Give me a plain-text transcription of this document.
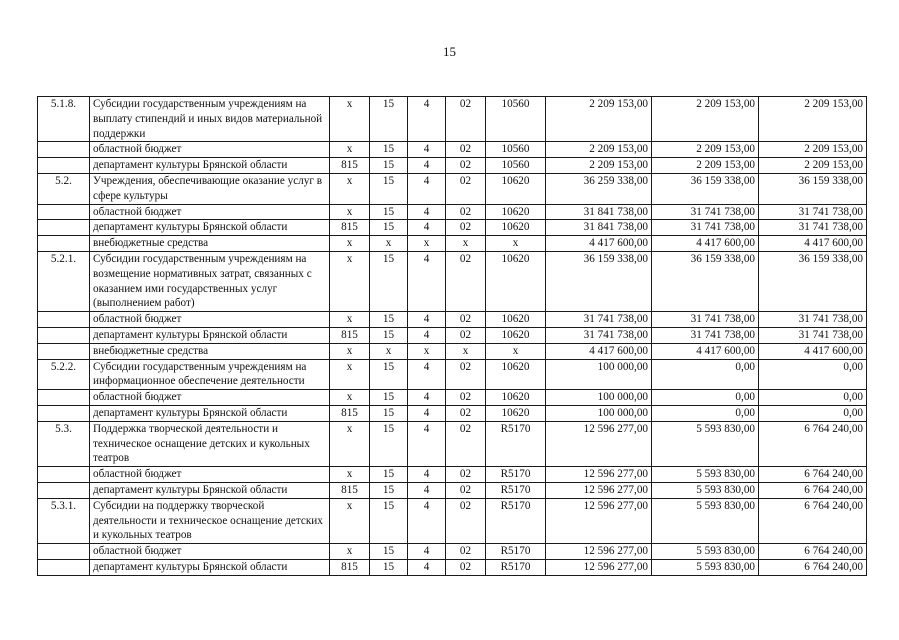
15
5.1.8.	Субсидии государственным учреждениям на выплату стипендий и иных видов материальной поддержки	х	15	4	02	10560	2 209 153,00	2 209 153,00	2 209 153,00
	областной бюджет	х	15	4	02	10560	2 209 153,00	2 209 153,00	2 209 153,00
	департамент культуры Брянской области	815	15	4	02	10560	2 209 153,00	2 209 153,00	2 209 153,00
5.2.	Учреждения, обеспечивающие оказание услуг в сфере культуры	х	15	4	02	10620	36 259 338,00	36 159 338,00	36 159 338,00
	областной бюджет	х	15	4	02	10620	31 841 738,00	31 741 738,00	31 741 738,00
	департамент культуры Брянской области	815	15	4	02	10620	31 841 738,00	31 741 738,00	31 741 738,00
	внебюджетные средства	х	х	х	х	х	4 417 600,00	4 417 600,00	4 417 600,00
5.2.1.	Субсидии государственным учреждениям на возмещение нормативных затрат, связанных с оказанием ими государственных услуг (выполнением работ)	х	15	4	02	10620	36 159 338,00	36 159 338,00	36 159 338,00
	областной бюджет	х	15	4	02	10620	31 741 738,00	31 741 738,00	31 741 738,00
	департамент культуры Брянской области	815	15	4	02	10620	31 741 738,00	31 741 738,00	31 741 738,00
	внебюджетные средства	х	х	х	х	х	4 417 600,00	4 417 600,00	4 417 600,00
5.2.2.	Субсидии государственным учреждениям на информационное обеспечение деятельности	х	15	4	02	10620	100 000,00	0,00	0,00
	областной бюджет	х	15	4	02	10620	100 000,00	0,00	0,00
	департамент культуры Брянской области	815	15	4	02	10620	100 000,00	0,00	0,00
5.3.	Поддержка творческой деятельности и техническое оснащение детских и кукольных театров	х	15	4	02	R5170	12 596 277,00	5 593 830,00	6 764 240,00
	областной бюджет	х	15	4	02	R5170	12 596 277,00	5 593 830,00	6 764 240,00
	департамент культуры Брянской области	815	15	4	02	R5170	12 596 277,00	5 593 830,00	6 764 240,00
5.3.1.	Субсидии на поддержку творческой деятельности и техническое оснащение детских и кукольных театров	х	15	4	02	R5170	12 596 277,00	5 593 830,00	6 764 240,00
	областной бюджет	х	15	4	02	R5170	12 596 277,00	5 593 830,00	6 764 240,00
	департамент культуры Брянской области	815	15	4	02	R5170	12 596 277,00	5 593 830,00	6 764 240,00
